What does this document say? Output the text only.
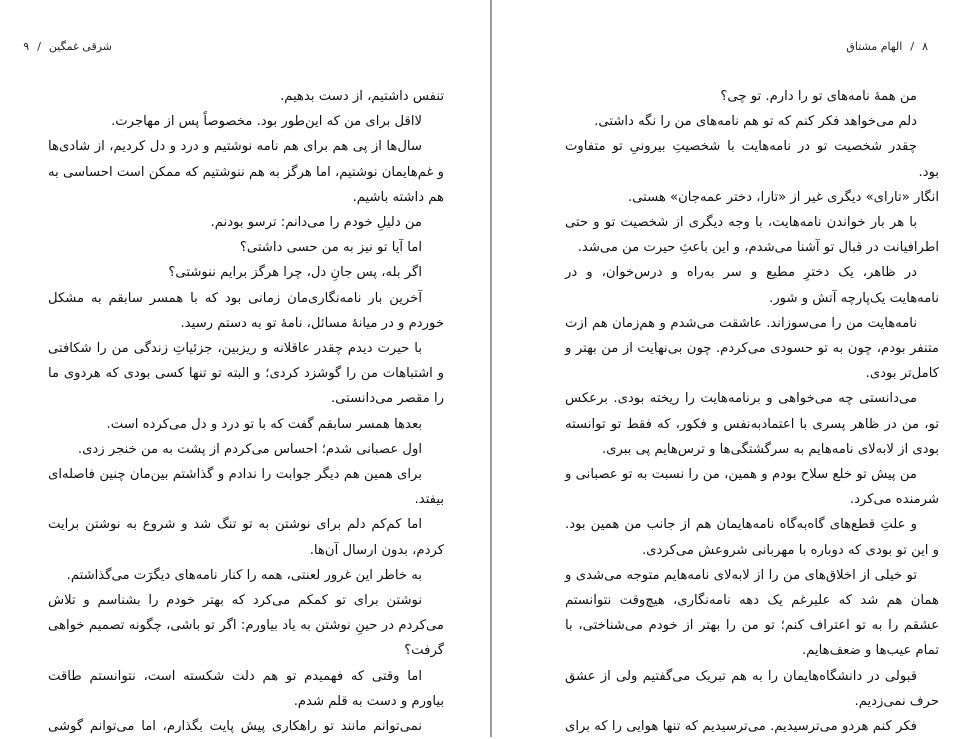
شرقی غمگین/۹

تنفس داشتیم، از دست بدهیم.

لااقل برای من که این‌طور بود. مخصوصاً پس از مهاجرت.

سال‌ها از پی هم برای هم نامه نوشتیم و درد و دل کردیم، از شادی‌ها و غم‌هایمان نوشتیم، اما هرگز به هم ننوشتیم که ممکن است احساسی به هم داشته باشیم.

من دلیلِ خودم را می‌دانم: ترسو بودنم.

اما آیا تو نیز به من حسی داشتی؟

اگر بله، پس جانِ دل، چرا هرگز برایم ننوشتی؟

آخرین بار نامه‌نگاری‌مان زمانی بود که با همسر سابقم به مشکل خوردم و در میانهٔ مسائل، نامهٔ تو به دستم رسید.

با حیرت دیدم چقدر عاقلانه و ریزبین، جزئیاتِ زندگی من را شکافتی و اشتباهات من را گوشزد کردی؛ و البته تو تنها کسی بودی که هردوی ما را مقصر می‌دانستی.

بعدها همسر سابقم گفت که با تو درد و دل می‌کرده است.

اول عصبانی شدم؛ احساس می‌کردم از پشت به من خنجر زدی.

برای همین هم دیگر جوابت را ندادم و گذاشتم بین‌مان چنین فاصله‌ای بیفتد.

اما کم‌کم دلم برای نوشتن به تو تنگ شد و شروع به نوشتن برایت کردم، بدون ارسال آن‌ها.

به خاطر این غرور لعنتی، همه را کنار نامه‌های دیگرَت می‌گذاشتم.

نوشتن برای تو کمکم می‌کرد که بهتر خودم را بشناسم و تلاش می‌کردم در حینِ نوشتن به یاد بیاورم: اگر تو باشی، چگونه تصمیم خواهی گرفت؟

اما وقتی که فهمیدم تو هم دلت شکسته است، نتوانستم طاقت بیاورم و دست به قلم شدم.

نمی‌توانم مانند تو راهکاری پیش پایت بگذارم، اما می‌توانم گوشی

۸/الهام مشتاق

من همهٔ نامه‌های تو را دارم. تو چی؟

دلم می‌خواهد فکر کنم که تو هم نامه‌های من را نگه داشتی.

چقدر شخصیت تو در نامه‌هایت با شخصیتِ بیرونیِ تو متفاوت بود.

انگار «تارای» دیگری غیر از «تارا، دختر عمه‌جان» هستی.

با هر بار خواندن نامه‌هایت، با وجه دیگری از شخصیت تو و حتی اطرافیانت در قبال تو آشنا می‌شدم، و این باعثِ حیرت من می‌شد.

در ظاهر، یک دخترِ مطیع و سر به‌راه و درس‌خوان، و در نامه‌هایت یک‌پارچه آتش و شور.

نامه‌هایت من را می‌سوزاند. عاشقت می‌شدم و هم‌زمان هم ازت متنفر بودم، چون به تو حسودی می‌کردم. چون بی‌نهایت از من بهتر و کامل‌تر بودی.

می‌دانستی چه می‌خواهی و برنامه‌هایت را ریخته بودی. برعکس تو، من در ظاهر پسری با اعتمادبه‌نفس و فکور، که فقط تو توانسته بودی از لابه‌لای نامه‌هایم به سرگشتگی‌ها و ترس‌هایم پی ببری.

من پیش تو خلع سلاح بودم و همین، من را نسبت به تو عصبانی و شرمنده می‌کرد.

و علتِ قطع‌های گاه‌به‌گاه نامه‌هایمان هم از جانب من همین بود. و این تو بودی که دوباره با مهربانی شروعش می‌کردی.

تو خیلی از اخلاق‌های من را از لابه‌لای نامه‌هایم متوجه می‌شدی و همان هم شد که علیرغم یک دهه نامه‌نگاری، هیچ‌وقت نتوانستم عشقم را به تو اعتراف کنم؛ تو من را بهتر از خودم می‌شناختی، با تمام عیب‌ها و ضعف‌هایم.

قبولی در دانشگاه‌هایمان را به هم تبریک می‌گفتیم ولی از عشق حرف نمی‌زدیم.

فکر کنم هردو می‌ترسیدیم. می‌ترسیدیم که تنها هوایی را که برای
